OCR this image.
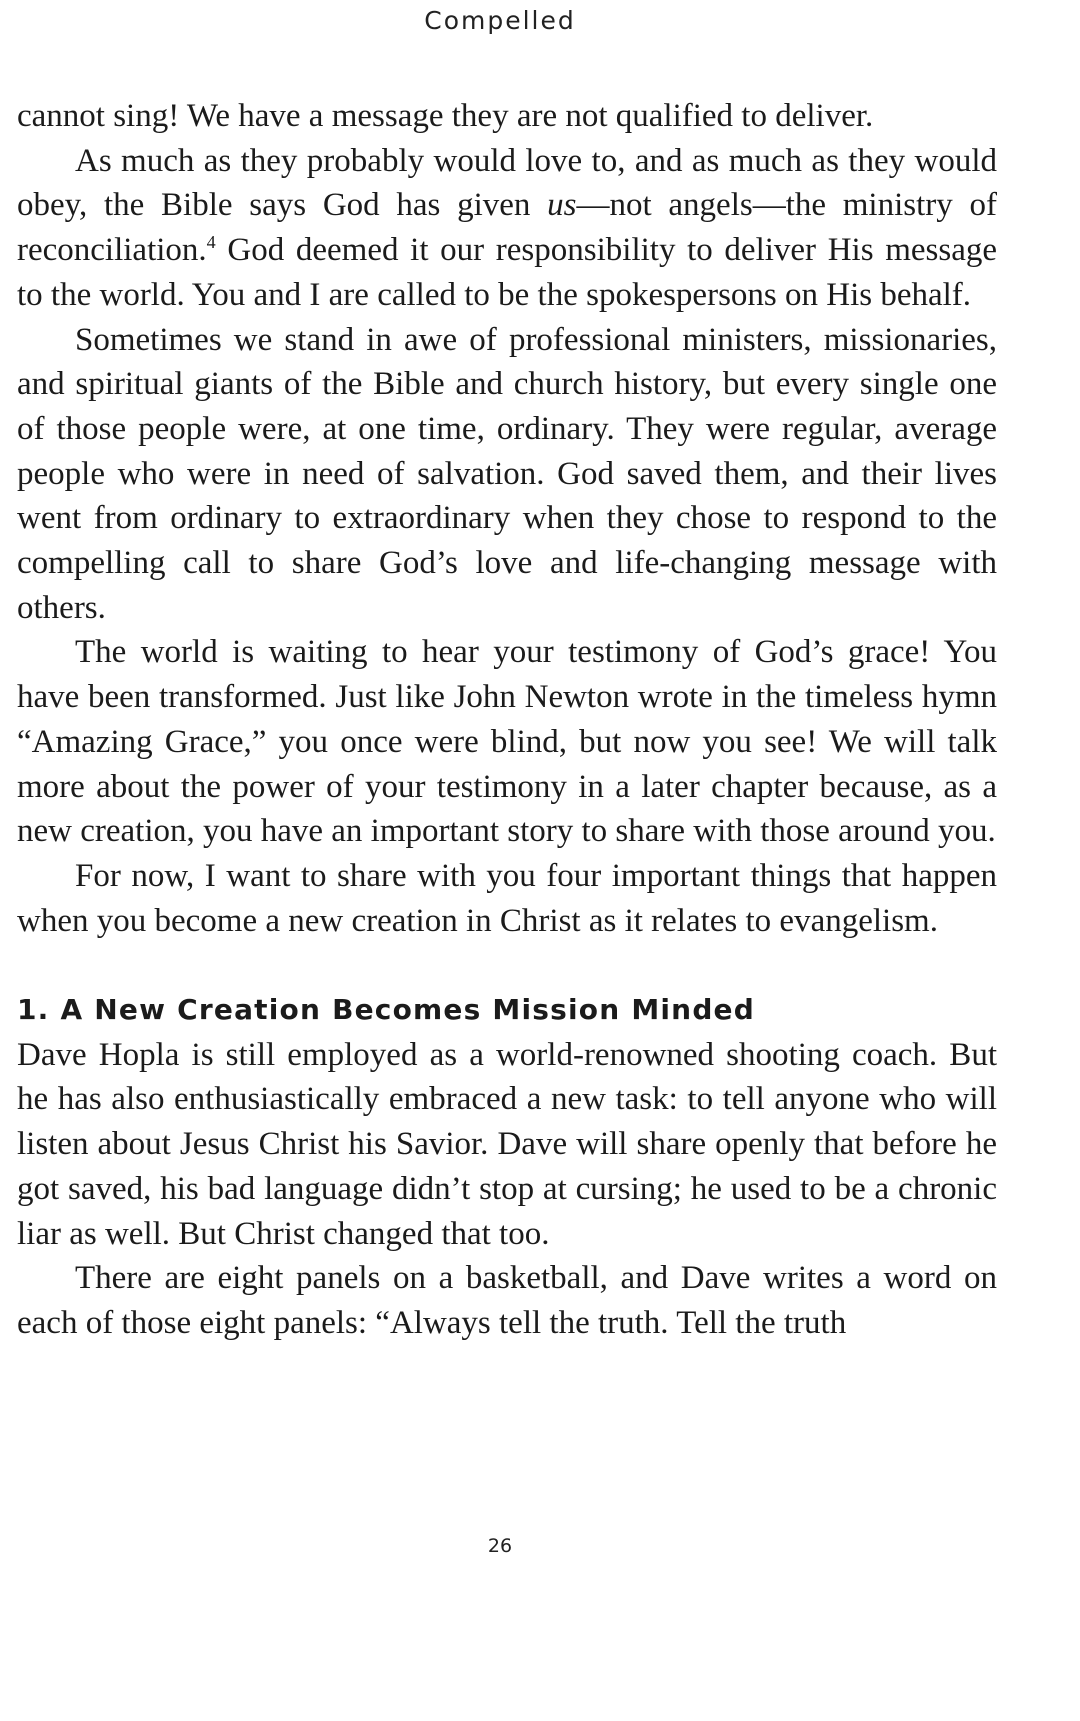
Compelled

cannot sing! We have a message they are not qualified to deliver.

As much as they probably would love to, and as much as they would obey, the Bible says God has given us—not angels—the ministry of reconciliation.$^4$ God deemed it our responsibility to deliver His message to the world. You and I are called to be the spokespersons on His behalf.

Sometimes we stand in awe of professional ministers, missionaries, and spiritual giants of the Bible and church history, but every single one of those people were, at one time, ordinary. They were regular, average people who were in need of salvation. God saved them, and their lives went from ordinary to extraordinary when they chose to respond to the compelling call to share God’s love and life-changing message with others.

The world is waiting to hear your testimony of God’s grace! You have been transformed. Just like John Newton wrote in the timeless hymn “Amazing Grace,” you once were blind, but now you see! We will talk more about the power of your testimony in a later chapter because, as a new creation, you have an important story to share with those around you.

For now, I want to share with you four important things that happen when you become a new creation in Christ as it relates to evangelism.

1. A New Creation Becomes Mission Minded

Dave Hopla is still employed as a world-renowned shooting coach. But he has also enthusiastically embraced a new task: to tell anyone who will listen about Jesus Christ his Savior. Dave will share openly that before he got saved, his bad language didn’t stop at cursing; he used to be a chronic liar as well. But Christ changed that too.

There are eight panels on a basketball, and Dave writes a word on each of those eight panels: “Always tell the truth. Tell the truth

26
